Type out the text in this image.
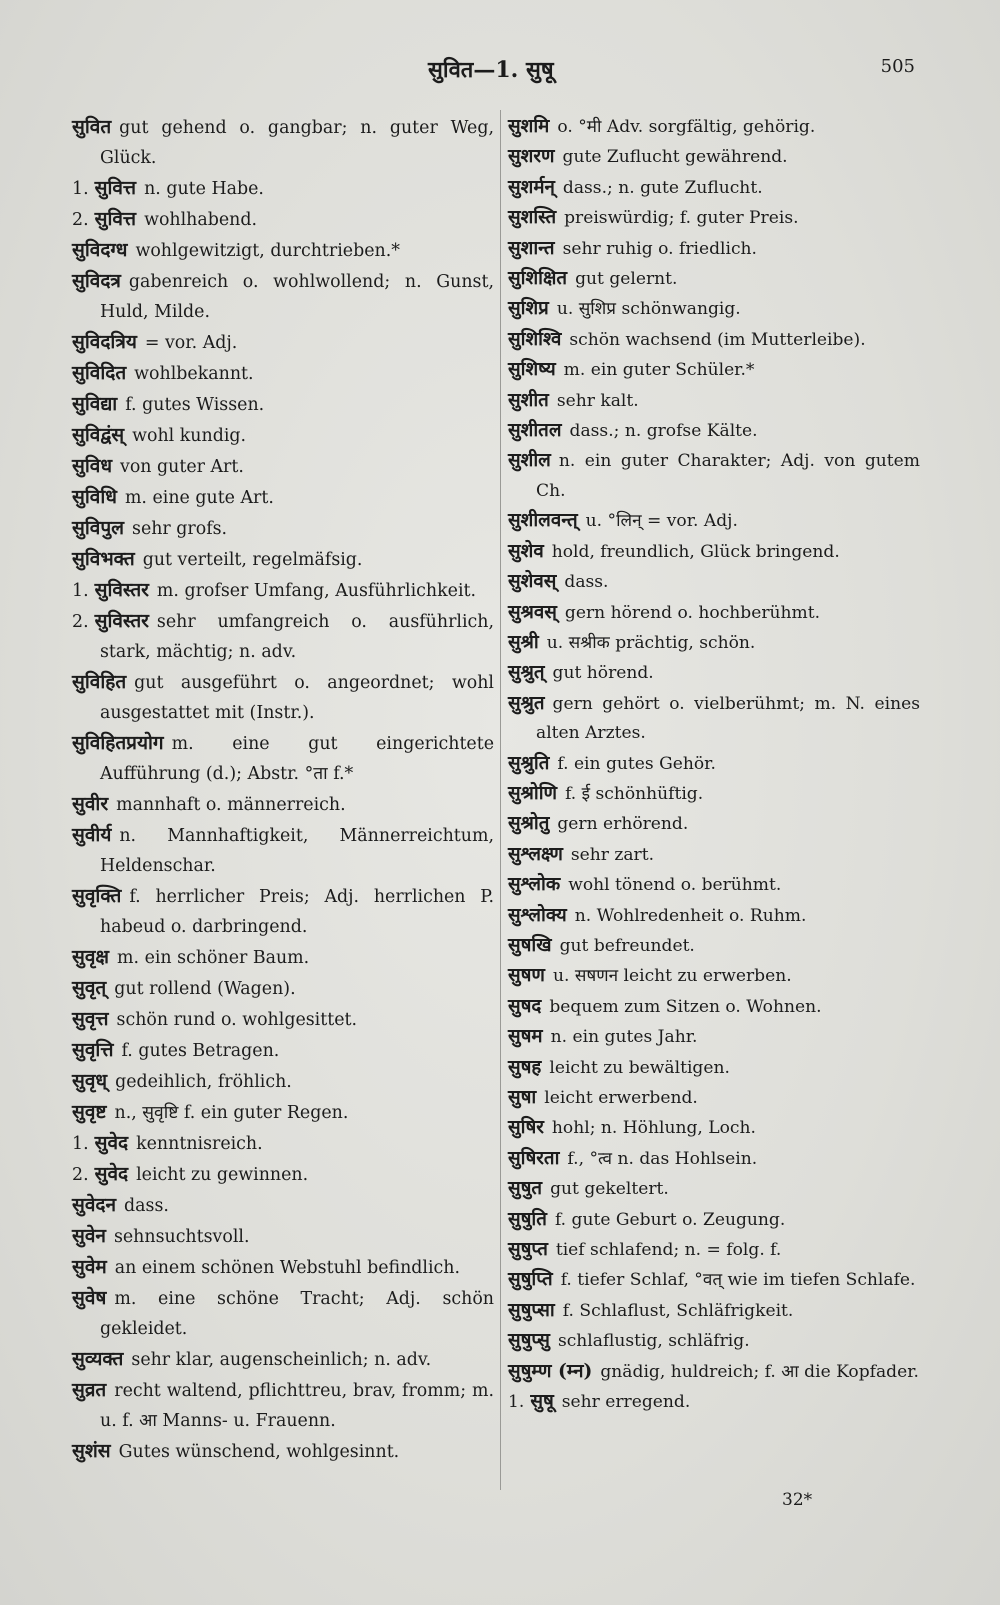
सुवित—1. सुषू	505

सुवित gut gehend o. gangbar; n. guter Weg, Glück.

1. सुवित्त n. gute Habe.

2. सुवित्त wohlhabend.

सुविदग्ध wohlgewitzigt, durchtrieben.*

सुविदत्र gabenreich o. wohlwollend; n. Gunst, Huld, Milde.

सुविदत्रिय = vor. Adj.

सुविदित wohlbekannt.

सुविद्या f. gutes Wissen.

सुविद्वंस् wohl kundig.

सुविध von guter Art.

सुविधि m. eine gute Art.

सुविपुल sehr grofs.

सुविभक्त gut verteilt, regelmäfsig.

1. सुविस्तर m. grofser Umfang, Ausführlichkeit.

2. सुविस्तर sehr umfangreich o. ausführlich, stark, mächtig; n. adv.

सुविहित gut ausgeführt o. angeordnet; wohl ausgestattet mit (Instr.).

सुविहितप्रयोग m. eine gut eingerichtete Aufführung (d.); Abstr. °ता f.*

सुवीर mannhaft o. männerreich.

सुवीर्य n. Mannhaftigkeit, Männerreichtum, Heldenschar.

सुवृक्ति f. herrlicher Preis; Adj. herrlichen P. habeud o. darbringend.

सुवृक्ष m. ein schöner Baum.

सुवृत् gut rollend (Wagen).

सुवृत्त schön rund o. wohlgesittet.

सुवृत्ति f. gutes Betragen.

सुवृध् gedeihlich, fröhlich.

सुवृष्ट n., सुवृष्टि f. ein guter Regen.

1. सुवेद kenntnisreich.

2. सुवेद leicht zu gewinnen.

सुवेदन dass.

सुवेन sehnsuchtsvoll.

सुवेम an einem schönen Webstuhl befindlich.

सुवेष m. eine schöne Tracht; Adj. schön gekleidet.

सुव्यक्त sehr klar, augenscheinlich; n. adv.

सुव्रत recht waltend, pflichttreu, brav, fromm; m. u. f. आ Manns- u. Frauenn.

सुशंस Gutes wünschend, wohlgesinnt.

सुशमि o. °मी Adv. sorgfältig, gehörig.

सुशरण gute Zuflucht gewährend.

सुशर्मन् dass.; n. gute Zuflucht.

सुशस्ति preiswürdig; f. guter Preis.

सुशान्त sehr ruhig o. friedlich.

सुशिक्षित gut gelernt.

सुशिप्र u. सुशिप्र schönwangig.

सुशिश्वि schön wachsend (im Mutterleibe).

सुशिष्य m. ein guter Schüler.*

सुशीत sehr kalt.

सुशीतल dass.; n. grofse Kälte.

सुशील n. ein guter Charakter; Adj. von gutem Ch.

सुशीलवन्त् u. °लिन् = vor. Adj.

सुशेव hold, freundlich, Glück bringend.

सुशेवस् dass.

सुश्रवस् gern hörend o. hochberühmt.

सुश्री u. सश्रीक prächtig, schön.

सुश्रुत् gut hörend.

सुश्रुत gern gehört o. vielberühmt; m. N. eines alten Arztes.

सुश्रुति f. ein gutes Gehör.

सुश्रोणि f. ई schönhüftig.

सुश्रोतु gern erhörend.

सुश्लक्ष्ण sehr zart.

सुश्लोक wohl tönend o. berühmt.

सुश्लोक्य n. Wohlredenheit o. Ruhm.

सुषखि gut befreundet.

सुषण u. सषणन leicht zu erwerben.

सुषद bequem zum Sitzen o. Wohnen.

सुषम n. ein gutes Jahr.

सुषह leicht zu bewältigen.

सुषा leicht erwerbend.

सुषिर hohl; n. Höhlung, Loch.

सुषिरता f., °त्व n. das Hohlsein.

सुषुत gut gekeltert.

सुषुति f. gute Geburt o. Zeugung.

सुषुप्त tief schlafend; n. = folg. f.

सुषुप्ति f. tiefer Schlaf, °वत् wie im tiefen Schlafe.

सुषुप्सा f. Schlaflust, Schläfrigkeit.

सुषुप्सु schlaflustig, schläfrig.

सुषुम्ण (म्न) gnädig, huldreich; f. आ die Kopfader.

1. सुषू sehr erregend.

32*
